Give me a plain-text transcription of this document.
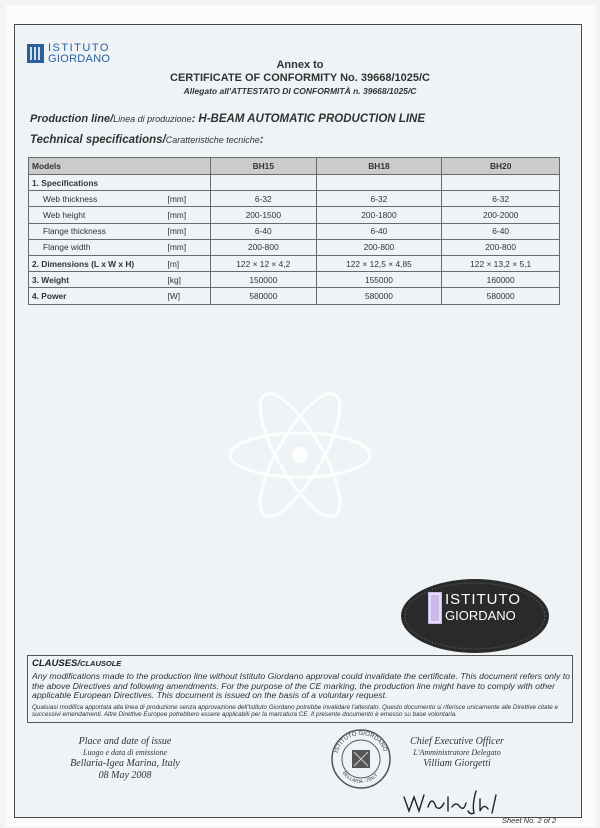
ISTITUTO
GIORDANO	Annex to
CERTIFICATE OF CONFORMITY No. 39668/1025/C
Allegato all'ATTESTATO DI CONFORMITÀ n. 39668/1025/C
Production line/Linea di produzione: H-BEAM AUTOMATIC PRODUCTION LINE
Technical specifications/Caratteristiche tecniche:
Models		BH15	BH18	BH20
1. Specifications				
Web thickness	[mm]	6-32	6-32	6-32
Web height	[mm]	200-1500	200-1800	200-2000
Flange thickness	[mm]	6-40	6-40	6-40
Flange width	[mm]	200-800	200-800	200-800
2. Dimensions (L x W x H)	[m]	122 × 12 × 4,2	122 × 12,5 × 4,85	122 × 13,2 × 5,1
3. Weight	[kg]	150000	155000	160000
4. Power	[W]	580000	580000	580000
ISTITUTO
GIORDANO
CLAUSES/CLAUSOLE
Any modifications made to the production line without Istituto Giordano approval could invalidate the certificate. This document refers only to the above Directives and following amendments. For the purpose of the CE marking, the production line might have to comply with other applicable European Directives. This document is issued on the basis of a voluntary request.
Qualsiasi modifica apportata alla linea di produzione senza approvazione dell'Istituto Giordano potrebbe invalidare l'attestato. Questo documento si riferisce unicamente alle Direttive citate e successivi emendamenti. Altre Direttive Europee potrebbero essere applicabili per la marcatura CE. Il presente documento è emesso su base volontaria.
Place and date of issue
Luogo e data di emissione
Bellaria-Igea Marina, Italy
08 May 2008
ISTITUTO GIORDANO
BELLARIA - ITALY
Chief Executive Officer
L'Amministratore Delegato
Villiam Giorgetti
Sheet No. 2 of 2
